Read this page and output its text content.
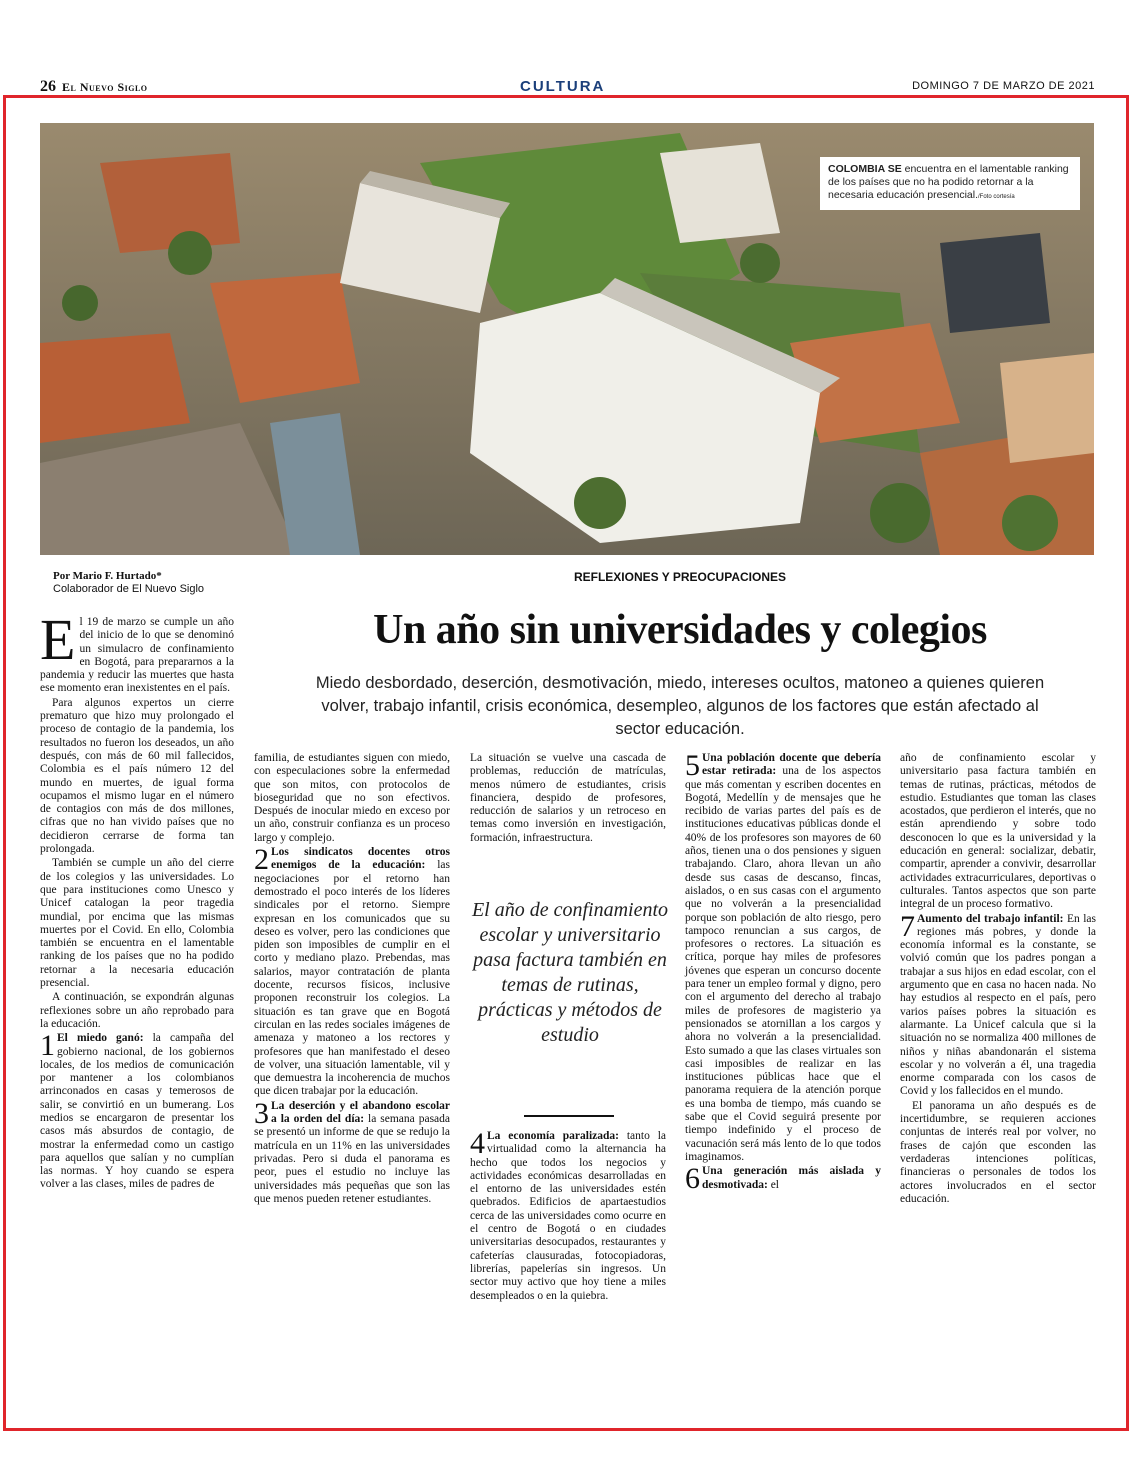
26 El Nuevo Siglo	CULTURA	DOMINGO 7 DE MARZO DE 2021
COLOMBIA SE encuentra en el lamentable ranking de los países que no ha podido retornar a la necesaria educación presencial./Foto cortesía
Por Mario F. Hurtado*
Colaborador de El Nuevo Siglo
REFLEXIONES Y PREOCUPACIONES
Un año sin universidades y colegios
Miedo desbordado, deserción, desmotivación, miedo, intereses ocultos, matoneo a quienes quieren volver, trabajo infantil, crisis económica, desempleo, algunos de los factores que están afectado al sector educación.

El 19 de marzo se cumple un año del inicio de lo que se denominó un simulacro de confinamiento en Bogotá, para prepararnos a la pandemia y reducir las muertes que hasta ese momento eran inexistentes en el país.

Para algunos expertos un cierre prematuro que hizo muy prolongado el proceso de contagio de la pandemia, los resultados no fueron los deseados, un año después, con más de 60 mil fallecidos, Colombia es el país número 12 del mundo en muertes, de igual forma ocupamos el mismo lugar en el número de contagios con más de dos millones, cifras que no han vivido países que no decidieron cerrarse de forma tan prolongada.

También se cumple un año del cierre de los colegios y las universidades. Lo que para instituciones como Unesco y Unicef catalogan la peor tragedia mundial, por encima que las mismas muertes por el Covid. En ello, Colombia también se encuentra en el lamentable ranking de los países que no ha podido retornar a la necesaria educación presencial.

A continuación, se expondrán algunas reflexiones sobre un año reprobado para la educación.

1 El miedo ganó: la campaña del gobierno nacional, de los gobiernos locales, de los medios de comunicación por mantener a los colombianos arrinconados en casas y temerosos de salir, se convirtió en un bumerang. Los medios se encargaron de presentar los casos más absurdos de contagio, de mostrar la enfermedad como un castigo para aquellos que salían y no cumplían las normas. Y hoy cuando se espera volver a las clases, miles de padres de

familia, de estudiantes siguen con miedo, con especulaciones sobre la enfermedad que son mitos, con protocolos de bioseguridad que no son efectivos. Después de inocular miedo en exceso por un año, construir confianza es un proceso largo y complejo.

2 Los sindicatos docentes otros enemigos de la educación: las negociaciones por el retorno han demostrado el poco interés de los líderes sindicales por el retorno. Siempre expresan en los comunicados que su deseo es volver, pero las condiciones que piden son imposibles de cumplir en el corto y mediano plazo. Prebendas, mas salarios, mayor contratación de planta docente, recursos físicos, inclusive proponen reconstruir los colegios. La situación es tan grave que en Bogotá circulan en las redes sociales imágenes de amenaza y matoneo a los rectores y profesores que han manifestado el deseo de volver, una situación lamentable, vil y que demuestra la incoherencia de muchos que dicen trabajar por la educación.

3 La deserción y el abandono escolar a la orden del día: la semana pasada se presentó un informe de que se redujo la matrícula en un 11% en las universidades privadas. Pero si duda el panorama es peor, pues el estudio no incluye las universidades más pequeñas que son las que menos pueden retener estudiantes.

La situación se vuelve una cascada de problemas, reducción de matrículas, menos número de estudiantes, crisis financiera, despido de profesores, reducción de salarios y un retroceso en temas como inversión en investigación, formación, infraestructura.

El año de confinamiento escolar y universitario pasa factura también en temas de rutinas, prácticas y métodos de estudio

4 La economía paralizada: tanto la virtualidad como la alternancia ha hecho que todos los negocios y actividades económicas desarrolladas en el entorno de las universidades estén quebrados. Edificios de apartaestudios cerca de las universidades como ocurre en el centro de Bogotá o en ciudades universitarias desocupados, restaurantes y cafeterías clausuradas, fotocopiadoras, librerías, papelerías sin ingresos. Un sector muy activo que hoy tiene a miles desempleados o en la quiebra.

5 Una población docente que debería estar retirada: una de los aspectos que más comentan y escriben docentes en Bogotá, Medellín y de mensajes que he recibido de varias partes del país es de instituciones educativas públicas donde el 40% de los profesores son mayores de 60 años, tienen una o dos pensiones y siguen trabajando. Claro, ahora llevan un año desde sus casas de descanso, fincas, aislados, o en sus casas con el argumento que no volverán a la presencialidad porque son población de alto riesgo, pero tampoco renuncian a sus cargos, de profesores o rectores. La situación es crítica, porque hay miles de profesores jóvenes que esperan un concurso docente para tener un empleo formal y digno, pero con el argumento del derecho al trabajo miles de profesores de magisterio ya pensionados se atornillan a los cargos y ahora no volverán a la presencialidad. Esto sumado a que las clases virtuales son casi imposibles de realizar en las instituciones públicas hace que el panorama requiera de la atención porque es una bomba de tiempo, más cuando se sabe que el Covid seguirá presente por tiempo indefinido y el proceso de vacunación será más lento de lo que todos imaginamos.

6 Una generación más aislada y desmotivada: el

año de confinamiento escolar y universitario pasa factura también en temas de rutinas, prácticas, métodos de estudio. Estudiantes que toman las clases acostados, que perdieron el interés, que no están aprendiendo y sobre todo desconocen lo que es la universidad y la educación en general: socializar, debatir, compartir, aprender a convivir, desarrollar actividades extracurriculares, deportivas o culturales. Tantos aspectos que son parte integral de un proceso formativo.

7 Aumento del trabajo infantil: En las regiones más pobres, y donde la economía informal es la constante, se volvió común que los padres pongan a trabajar a sus hijos en edad escolar, con el argumento que en casa no hacen nada. No hay estudios al respecto en el país, pero varios países pobres la situación es alarmante. La Unicef calcula que si la situación no se normaliza 400 millones de niños y niñas abandonarán el sistema escolar y no volverán a él, una tragedia enorme comparada con los casos de Covid y los fallecidos en el mundo.

El panorama un año después es de incertidumbre, se requieren acciones conjuntas de interés real por volver, no frases de cajón que esconden las verdaderas intenciones políticas, financieras o personales de todos los actores involucrados en el sector educación.
